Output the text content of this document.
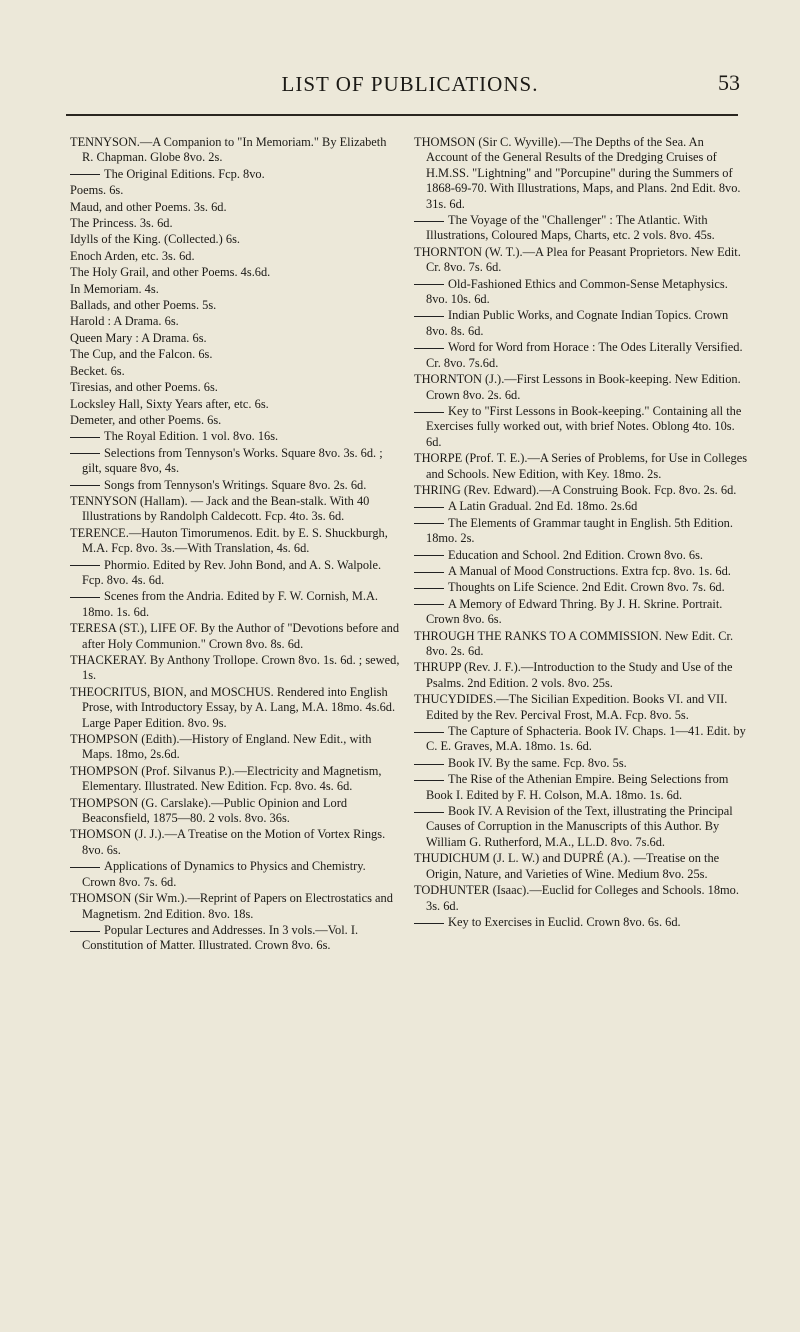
LIST OF PUBLICATIONS.	53
TENNYSON.—A Companion to "In Memoriam." By Elizabeth R. Chapman. Globe 8vo. 2s.
The Original Editions. Fcp. 8vo.
Poems. 6s.
Maud, and other Poems. 3s. 6d.
The Princess. 3s. 6d.
Idylls of the King. (Collected.) 6s.
Enoch Arden, etc. 3s. 6d.
The Holy Grail, and other Poems. 4s.6d.
In Memoriam. 4s.
Ballads, and other Poems. 5s.
Harold : A Drama. 6s.
Queen Mary : A Drama. 6s.
The Cup, and the Falcon. 6s.
Becket. 6s.
Tiresias, and other Poems. 6s.
Locksley Hall, Sixty Years after, etc. 6s.
Demeter, and other Poems. 6s.
The Royal Edition. 1 vol. 8vo. 16s.
Selections from Tennyson's Works. Square 8vo. 3s. 6d. ; gilt, square 8vo, 4s.
Songs from Tennyson's Writings. Square 8vo. 2s. 6d.
TENNYSON (Hallam). — Jack and the Bean-stalk. With 40 Illustrations by Randolph Caldecott. Fcp. 4to. 3s. 6d.
TERENCE.—Hauton Timorumenos. Edit. by E. S. Shuckburgh, M.A. Fcp. 8vo. 3s.—With Translation, 4s. 6d.
Phormio. Edited by Rev. John Bond, and A. S. Walpole. Fcp. 8vo. 4s. 6d.
Scenes from the Andria. Edited by F. W. Cornish, M.A. 18mo. 1s. 6d.
TERESA (ST.), LIFE OF. By the Author of "Devotions before and after Holy Communion." Crown 8vo. 8s. 6d.
THACKERAY. By Anthony Trollope. Crown 8vo. 1s. 6d. ; sewed, 1s.
THEOCRITUS, BION, and MOSCHUS. Rendered into English Prose, with Introductory Essay, by A. Lang, M.A. 18mo. 4s.6d. Large Paper Edition. 8vo. 9s.
THOMPSON (Edith).—History of England. New Edit., with Maps. 18mo, 2s.6d.
THOMPSON (Prof. Silvanus P.).—Electricity and Magnetism, Elementary. Illustrated. New Edition. Fcp. 8vo. 4s. 6d.
THOMPSON (G. Carslake).—Public Opinion and Lord Beaconsfield, 1875—80. 2 vols. 8vo. 36s.
THOMSON (J. J.).—A Treatise on the Motion of Vortex Rings. 8vo. 6s.
Applications of Dynamics to Physics and Chemistry. Crown 8vo. 7s. 6d.
THOMSON (Sir Wm.).—Reprint of Papers on Electrostatics and Magnetism. 2nd Edition. 8vo. 18s.
Popular Lectures and Addresses. In 3 vols.—Vol. I. Constitution of Matter. Illustrated. Crown 8vo. 6s.
THOMSON (Sir C. Wyville).—The Depths of the Sea. An Account of the General Results of the Dredging Cruises of H.M.SS. "Lightning" and "Porcupine" during the Summers of 1868-69-70. With Illustrations, Maps, and Plans. 2nd Edit. 8vo. 31s. 6d.
The Voyage of the "Challenger" : The Atlantic. With Illustrations, Coloured Maps, Charts, etc. 2 vols. 8vo. 45s.
THORNTON (W. T.).—A Plea for Peasant Proprietors. New Edit. Cr. 8vo. 7s. 6d.
Old-Fashioned Ethics and Common-Sense Metaphysics. 8vo. 10s. 6d.
Indian Public Works, and Cognate Indian Topics. Crown 8vo. 8s. 6d.
Word for Word from Horace : The Odes Literally Versified. Cr. 8vo. 7s.6d.
THORNTON (J.).—First Lessons in Book-keeping. New Edition. Crown 8vo. 2s. 6d.
Key to "First Lessons in Book-keeping." Containing all the Exercises fully worked out, with brief Notes. Oblong 4to. 10s. 6d.
THORPE (Prof. T. E.).—A Series of Problems, for Use in Colleges and Schools. New Edition, with Key. 18mo. 2s.
THRING (Rev. Edward).—A Construing Book. Fcp. 8vo. 2s. 6d.
A Latin Gradual. 2nd Ed. 18mo. 2s.6d
The Elements of Grammar taught in English. 5th Edition. 18mo. 2s.
Education and School. 2nd Edition. Crown 8vo. 6s.
A Manual of Mood Constructions. Extra fcp. 8vo. 1s. 6d.
Thoughts on Life Science. 2nd Edit. Crown 8vo. 7s. 6d.
A Memory of Edward Thring. By J. H. Skrine. Portrait. Crown 8vo. 6s.
THROUGH THE RANKS TO A COMMISSION. New Edit. Cr. 8vo. 2s. 6d.
THRUPP (Rev. J. F.).—Introduction to the Study and Use of the Psalms. 2nd Edition. 2 vols. 8vo. 25s.
THUCYDIDES.—The Sicilian Expedition. Books VI. and VII. Edited by the Rev. Percival Frost, M.A. Fcp. 8vo. 5s.
The Capture of Sphacteria. Book IV. Chaps. 1—41. Edit. by C. E. Graves, M.A. 18mo. 1s. 6d.
Book IV. By the same. Fcp. 8vo. 5s.
The Rise of the Athenian Empire. Being Selections from Book I. Edited by F. H. Colson, M.A. 18mo. 1s. 6d.
Book IV. A Revision of the Text, illustrating the Principal Causes of Corruption in the Manuscripts of this Author. By William G. Rutherford, M.A., LL.D. 8vo. 7s.6d.
THUDICHUM (J. L. W.) and DUPRÉ (A.). —Treatise on the Origin, Nature, and Varieties of Wine. Medium 8vo. 25s.
TODHUNTER (Isaac).—Euclid for Colleges and Schools. 18mo. 3s. 6d.
Key to Exercises in Euclid. Crown 8vo. 6s. 6d.
